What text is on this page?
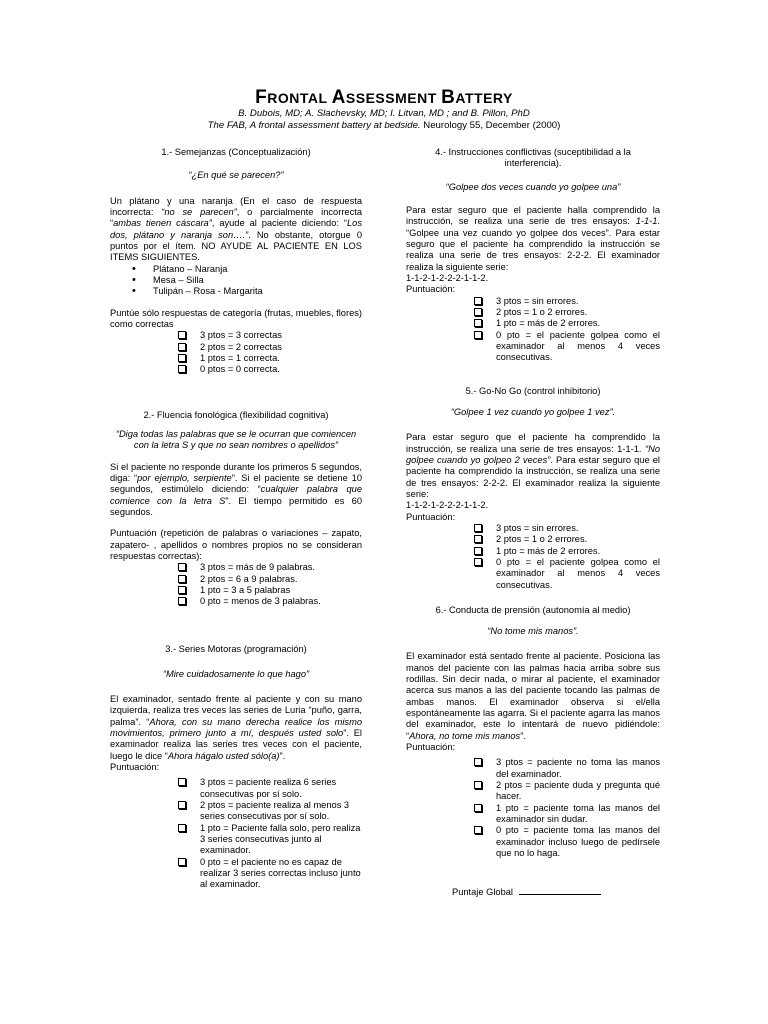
FRONTAL ASSESSMENT BATTERY
B. Dubois, MD; A. Slachevsky, MD; I. Litvan, MD ; and B. Pillon, PhD
The FAB, A frontal assessment battery at bedside. Neurology 55, December (2000)

1.- Semejanzas (Conceptualización)

“¿En qué se parecen?”

Un plátano y una naranja (En el caso de respuesta incorrecta: “no se parecen”, o parcialmente incorrecta “ambas tienen cáscara”, ayude al paciente diciendo: “Los dos, plátano y naranja son….”. No obstante, otorgue 0 puntos por el ítem. NO AYUDE AL PACIENTE EN LOS ITEMS SIGUIENTES.

• Plátano – Naranja
• Mesa – Silla
• Tulipán – Rosa - Margarita

Puntúe sólo respuestas de categoría (frutas, muebles, flores) como correctas

3 ptos = 3 correctas
2 ptos = 2 correctas
1 ptos = 1 correcta.
0 ptos = 0 correcta.

2.- Fluencia fonológica (flexibilidad cognitiva)

“Diga todas las palabras que se le ocurran que comiencen con la letra S y que no sean nombres o apellidos”

Si el paciente no responde durante los primeros 5 segundos, diga: “por ejemplo, serpiente”. Si el paciente se detiene 10 segundos, estimúlelo diciendo: “cualquier palabra que comience con la letra S”. El tiempo permitido es 60 segundos.

Puntuación (repetición de palabras o variaciones – zapato, zapatero- , apellidos o nombres propios no se consideran respuestas correctas):

3 ptos = más de 9 palabras.
2 ptos = 6 a 9 palabras.
1 pto = 3 a 5 palabras
0 pto = menos de 3 palabras.

3.- Series Motoras (programación)

“Mire cuidadosamente lo que hago”

El examinador, sentado frente al paciente y con su mano izquierda, realiza tres veces las series de Luria “puño, garra, palma”. “Ahora, con su mano derecha realice los mismo movimientos, primero junto a mí, después usted solo”. El examinador realiza las series tres veces con el paciente, luego le dice “Ahora hágalo usted sólo(a)”.

Puntuación:

3 ptos = paciente realiza 6 series consecutivas por sí solo.
2 ptos = paciente realiza al menos 3 series consecutivas por sí solo.
1 pto = Paciente falla solo, pero realiza 3 series consecutivas junto al examinador.
0 pto = el paciente no es capaz de realizar 3 series correctas incluso junto al examinador.

4.- Instrucciones conflictivas (suceptibilidad a la interferencia).

“Golpee dos veces cuando yo golpee una”

Para estar seguro que el paciente halla comprendido la instrucción, se realiza una serie de tres ensayos: 1-1-1. “Golpee una vez cuando yo golpee dos veces”. Para estar seguro que el paciente ha comprendido la instrucción se realiza una serie de tres ensayos: 2-2-2. El examinador realiza la siguiente serie:

1-1-2-1-2-2-2-1-1-2.

Puntuación:

3 ptos = sin errores.
2 ptos = 1 o 2 errores.
1 pto = más de 2 errores.
0 pto = el paciente golpea como el examinador al menos 4 veces consecutivas.

5.- Go-No Go (control inhibitorio)

“Golpee 1 vez cuando yo golpee 1 vez”.

Para estar seguro que el paciente ha comprendido la instrucción, se realiza una serie de tres ensayos: 1-1-1. “No golpee cuando yo golpeo 2 veces”. Para estar seguro que el paciente ha comprendido la instrucción, se realiza una serie de tres ensayos: 2-2-2. El examinador realiza la siguiente serie:

1-1-2-1-2-2-2-1-1-2.

Puntuación:

3 ptos = sin errores.
2 ptos = 1 o 2 errores.
1 pto = más de 2 errores.
0 pto = el paciente golpea como el examinador al menos 4 veces consecutivas.

6.- Conducta de prensión (autonomía al medio)

“No tome mis manos”.

El examinador está sentado frente al paciente. Posiciona las manos del paciente con las palmas hacia arriba sobre sus rodillas. Sin decir nada, o mirar al paciente, el examinador acerca sus manos a las del paciente tocando las palmas de ambas manos. El examinador observa si el/ella espontáneamente las agarra. Si el paciente agarra las manos del examinador, este lo intentará de nuevo pidiéndole: “Ahora, no tome mis manos”.

Puntuación:

3 ptos = paciente no toma las manos del examinador.
2 ptos = paciente duda y pregunta qué hacer.
1 pto = paciente toma las manos del examinador sin dudar.
0 pto = paciente toma las manos del examinador incluso luego de pedírsele que no lo haga.
Puntaje Global
